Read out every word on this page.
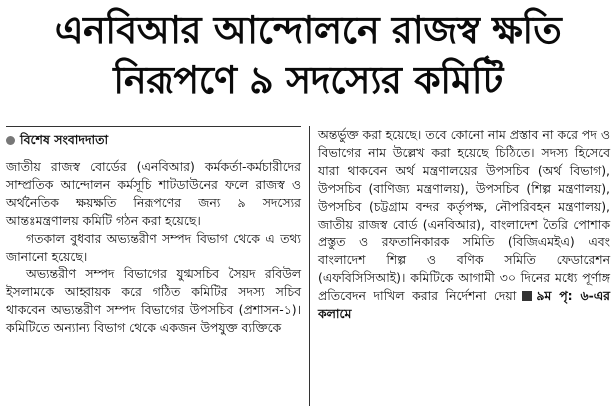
এনবিআর আন্দোলনে রাজস্ব ক্ষতি
নিরূপণে ৯ সদস্যের কমিটি
বিশেষ সংবাদদাতা

জাতীয় রাজস্ব বোর্ডের (এনবিআর) কর্মকর্তা-কর্মচারীদের সাম্প্রতিক আন্দোলন কর্মসূচি শাটডাউনের ফলে রাজস্ব ও অর্থনৈতিক ক্ষয়ক্ষতি নিরূপণের জন্য ৯ সদস্যের আন্তঃমন্ত্রণালয় কমিটি গঠন করা হয়েছে।

গতকাল বুধবার অভ্যন্তরীণ সম্পদ বিভাগ থেকে এ তথ্য জানানো হয়েছে।

অভ্যন্তরীণ সম্পদ বিভাগের যুগ্মসচিব সৈয়দ রবিউল ইসলামকে আহ্বায়ক করে গঠিত কমিটির সদস্য সচিব থাকবেন অভ্যন্তরীণ সম্পদ বিভাগের উপসচিব (প্রশাসন-১)। কমিটিতে অন্যান্য বিভাগ থেকে একজন উপযুক্ত ব্যক্তিকে

অন্তর্ভুক্ত করা হয়েছে। তবে কোনো নাম প্রস্তাব না করে পদ ও বিভাগের নাম উল্লেখ করা হয়েছে চিঠিতে। সদস্য হিসেবে যারা থাকবেন অর্থ মন্ত্রণালয়ের উপসচিব (অর্থ বিভাগ), উপসচিব (বাণিজ্য মন্ত্রণালয়), উপসচিব (শিল্প মন্ত্রণালয়), উপসচিব (চট্টগ্রাম বন্দর কর্তৃপক্ষ, নৌপরিবহন মন্ত্রণালয়), জাতীয় রাজস্ব বোর্ড (এনবিআর), বাংলাদেশ তৈরি পোশাক প্রস্তুত ও রফতানিকারক সমিতি (বিজিএমইএ) এবং বাংলাদেশ শিল্প ও বণিক সমিতি ফেডারেশন (এফবিসিসিআই)। কমিটিকে আগামী ৩০ দিনের মধ্যে পূর্ণাঙ্গ প্রতিবেদন দাখিল করার নির্দেশনা দেয়া ৯ম পৃ: ৬-এর কলামে
